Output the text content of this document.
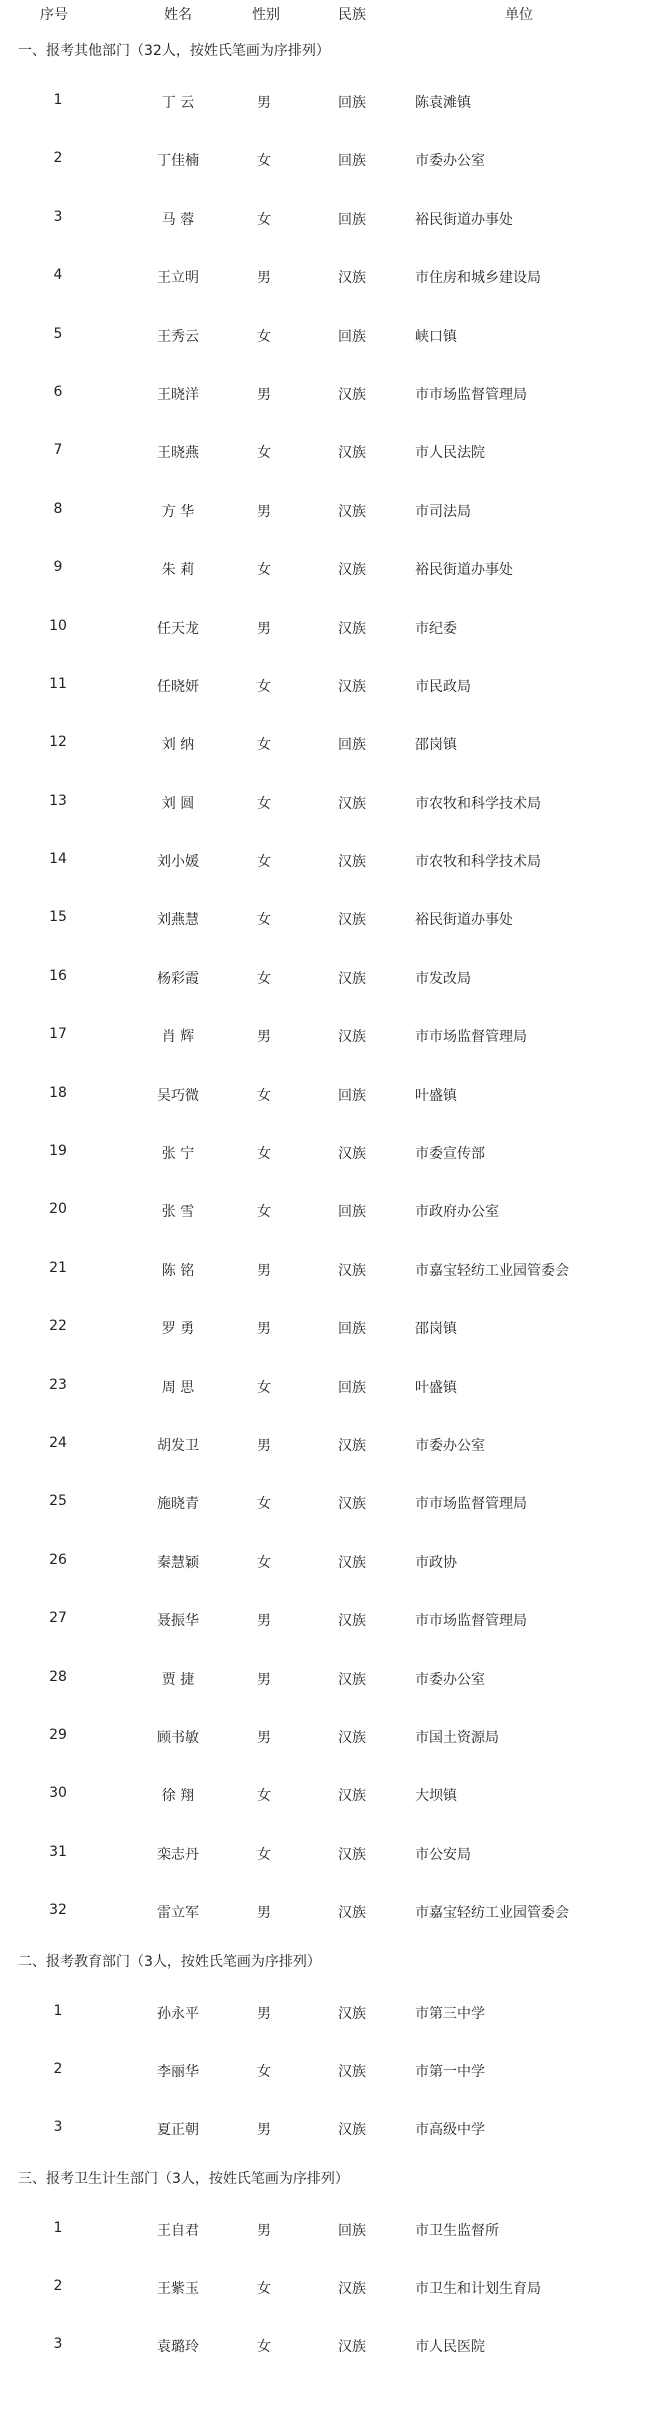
序号	姓名	性别	民族	单位
一、报考其他部门（32人，按姓氏笔画为序排列）
1	丁 云	男	回族	陈袁滩镇
2	丁佳楠	女	回族	市委办公室
3	马 蓉	女	回族	裕民街道办事处
4	王立明	男	汉族	市住房和城乡建设局
5	王秀云	女	回族	峡口镇
6	王晓洋	男	汉族	市市场监督管理局
7	王晓燕	女	汉族	市人民法院
8	方 华	男	汉族	市司法局
9	朱 莉	女	汉族	裕民街道办事处
10	任天龙	男	汉族	市纪委
11	任晓妍	女	汉族	市民政局
12	刘 纳	女	回族	邵岗镇
13	刘 圆	女	汉族	市农牧和科学技术局
14	刘小媛	女	汉族	市农牧和科学技术局
15	刘燕慧	女	汉族	裕民街道办事处
16	杨彩霞	女	汉族	市发改局
17	肖 辉	男	汉族	市市场监督管理局
18	吴巧微	女	回族	叶盛镇
19	张 宁	女	汉族	市委宣传部
20	张 雪	女	回族	市政府办公室
21	陈 铭	男	汉族	市嘉宝轻纺工业园管委会
22	罗 勇	男	回族	邵岗镇
23	周 思	女	回族	叶盛镇
24	胡发卫	男	汉族	市委办公室
25	施晓青	女	汉族	市市场监督管理局
26	秦慧颖	女	汉族	市政协
27	聂振华	男	汉族	市市场监督管理局
28	贾 捷	男	汉族	市委办公室
29	顾书敏	男	汉族	市国土资源局
30	徐 翔	女	汉族	大坝镇
31	栾志丹	女	汉族	市公安局
32	雷立军	男	汉族	市嘉宝轻纺工业园管委会
二、报考教育部门（3人，按姓氏笔画为序排列）
1	孙永平	男	汉族	市第三中学
2	李丽华	女	汉族	市第一中学
3	夏正朝	男	汉族	市高级中学
三、报考卫生计生部门（3人，按姓氏笔画为序排列）
1	王自君	男	回族	市卫生监督所
2	王紫玉	女	汉族	市卫生和计划生育局
3	袁璐玲	女	汉族	市人民医院
